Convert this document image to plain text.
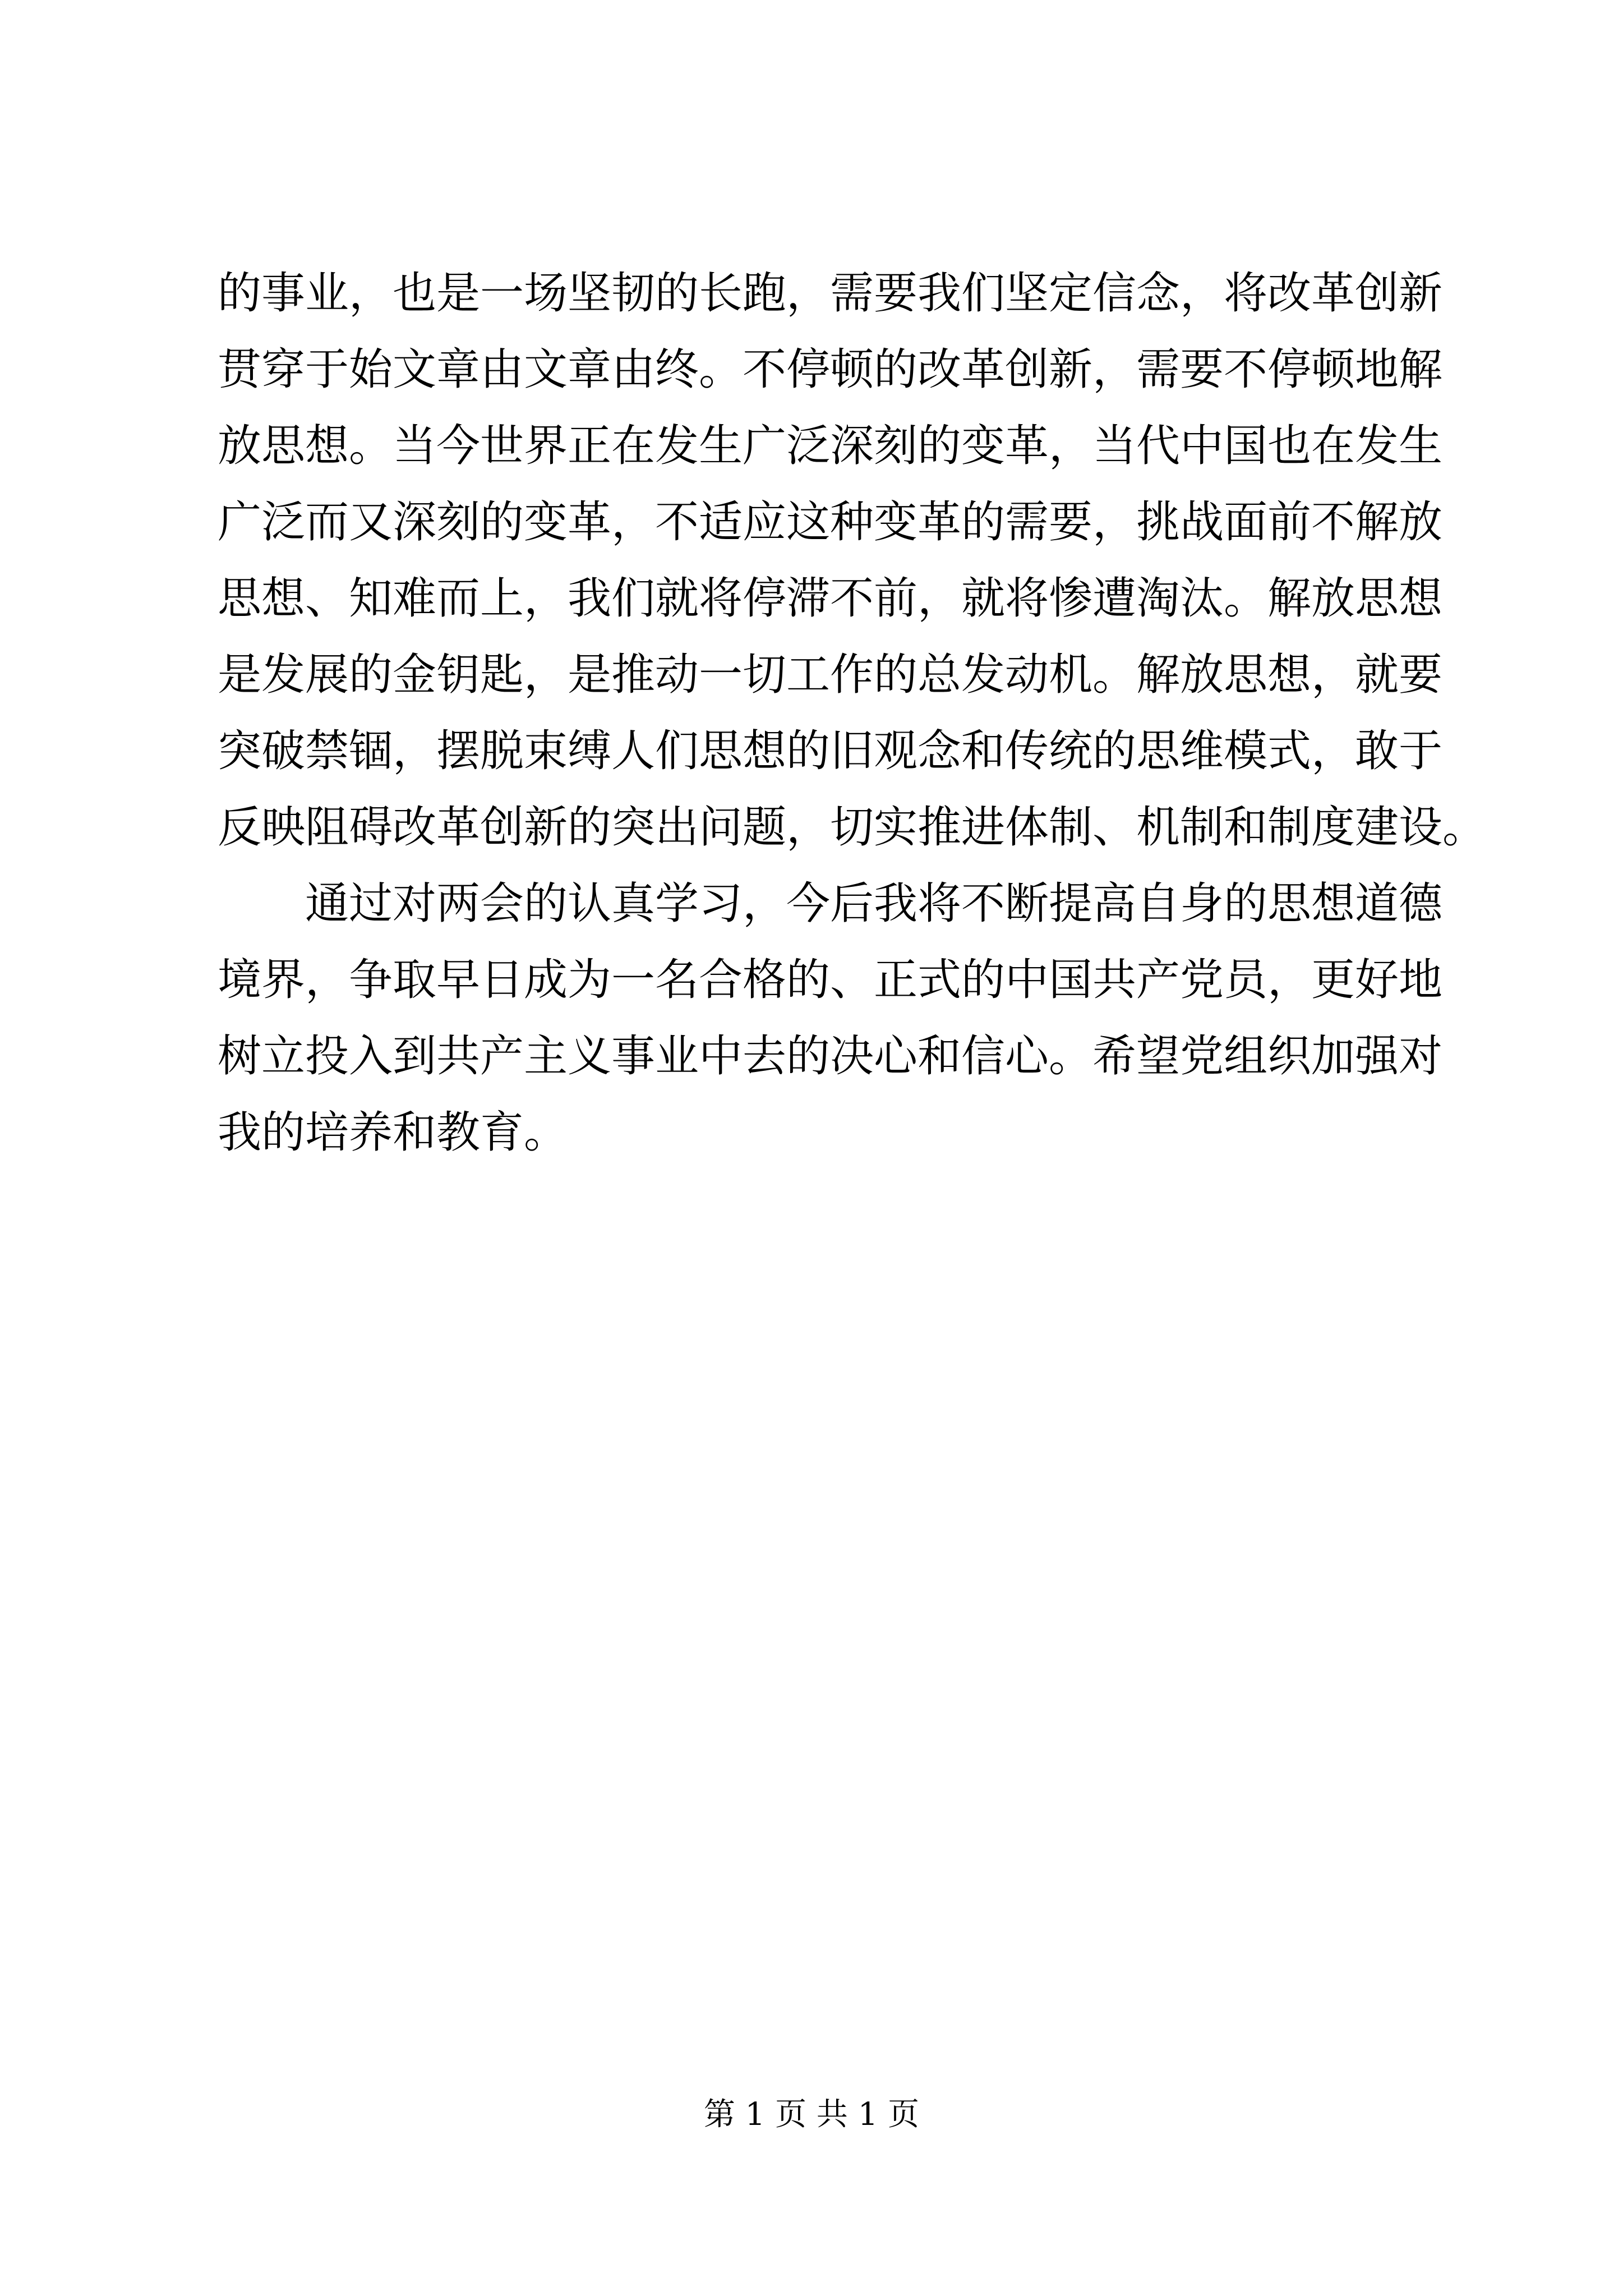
的事业，也是一场坚韧的长跑，需要我们坚定信念，将改革创新
贯穿于始文章由文章由终。不停顿的改革创新，需要不停顿地解
放思想。当今世界正在发生广泛深刻的变革，当代中国也在发生
广泛而又深刻的变革，不适应这种变革的需要，挑战面前不解放
思想、知难而上，我们就将停滞不前，就将惨遭淘汰。解放思想
是发展的金钥匙，是推动一切工作的总发动机。解放思想，就要
突破禁锢，摆脱束缚人们思想的旧观念和传统的思维模式，敢于
反映阻碍改革创新的突出问题，切实推进体制、机制和制度建设。
　　通过对两会的认真学习，今后我将不断提高自身的思想道德
境界，争取早日成为一名合格的、正式的中国共产党员，更好地
树立投入到共产主义事业中去的决心和信心。希望党组织加强对
我的培养和教育。
第 1 页 共 1 页
